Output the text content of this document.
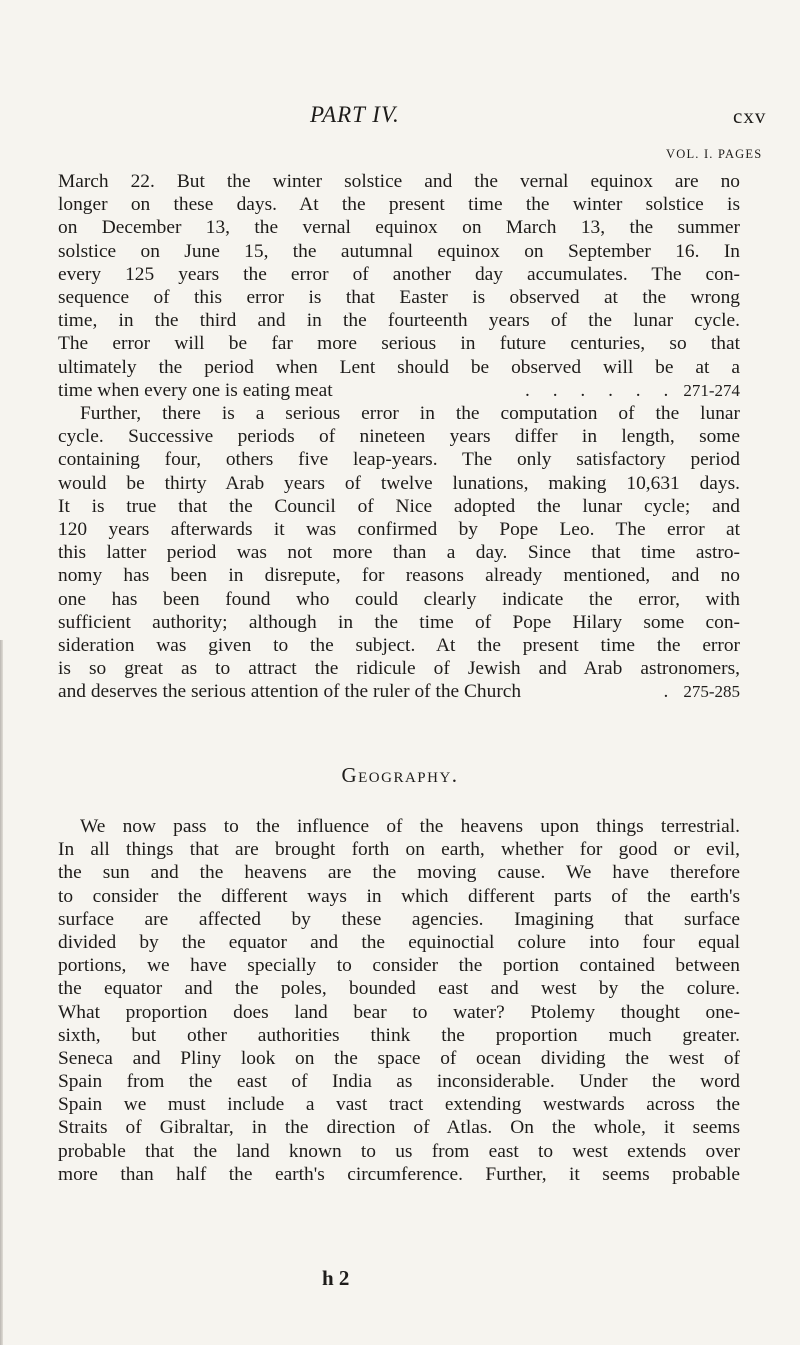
PART IV.	cxv
VOL. I. PAGES
March 22. But the winter solstice and the vernal equinox are no
longer on these days. At the present time the winter solstice is
on December 13, the vernal equinox on March 13, the summer
solstice on June 15, the autumnal equinox on September 16. In
every 125 years the error of another day accumulates. The con-
sequence of this error is that Easter is observed at the wrong
time, in the third and in the fourteenth years of the lunar cycle.
The error will be far more serious in future centuries, so that
ultimately the period when Lent should be observed will be at a
time when every one is eating meat	. . . . . . 271-274
Further, there is a serious error in the computation of the lunar
cycle. Successive periods of nineteen years differ in length, some
containing four, others five leap-years. The only satisfactory period
would be thirty Arab years of twelve lunations, making 10,631 days.
It is true that the Council of Nice adopted the lunar cycle; and
120 years afterwards it was confirmed by Pope Leo. The error at
this latter period was not more than a day. Since that time astro-
nomy has been in disrepute, for reasons already mentioned, and no
one has been found who could clearly indicate the error, with
sufficient authority; although in the time of Pope Hilary some con-
sideration was given to the subject. At the present time the error
is so great as to attract the ridicule of Jewish and Arab astronomers,
and deserves the serious attention of the ruler of the Church	. 275-285
Geography.
We now pass to the influence of the heavens upon things terrestrial.
In all things that are brought forth on earth, whether for good or evil,
the sun and the heavens are the moving cause. We have therefore
to consider the different ways in which different parts of the earth's
surface are affected by these agencies. Imagining that surface
divided by the equator and the equinoctial colure into four equal
portions, we have specially to consider the portion contained between
the equator and the poles, bounded east and west by the colure.
What proportion does land bear to water? Ptolemy thought one-
sixth, but other authorities think the proportion much greater.
Seneca and Pliny look on the space of ocean dividing the west of
Spain from the east of India as inconsiderable. Under the word
Spain we must include a vast tract extending westwards across the
Straits of Gibraltar, in the direction of Atlas. On the whole, it seems
probable that the land known to us from east to west extends over
more than half the earth's circumference. Further, it seems probable
h 2
